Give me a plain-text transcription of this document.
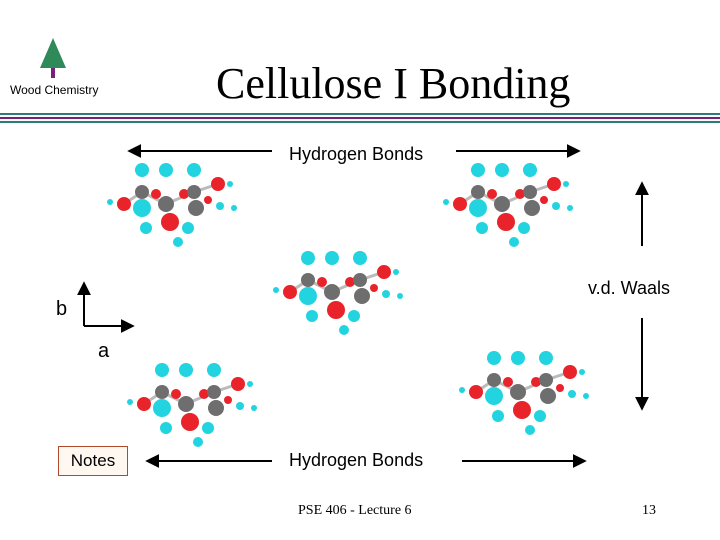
Wood Chemistry	Cellulose I Bonding
Hydrogen Bonds
Hydrogen Bonds
v.d. Waals
b
a
Notes
PSE 406 - Lecture 6	13
